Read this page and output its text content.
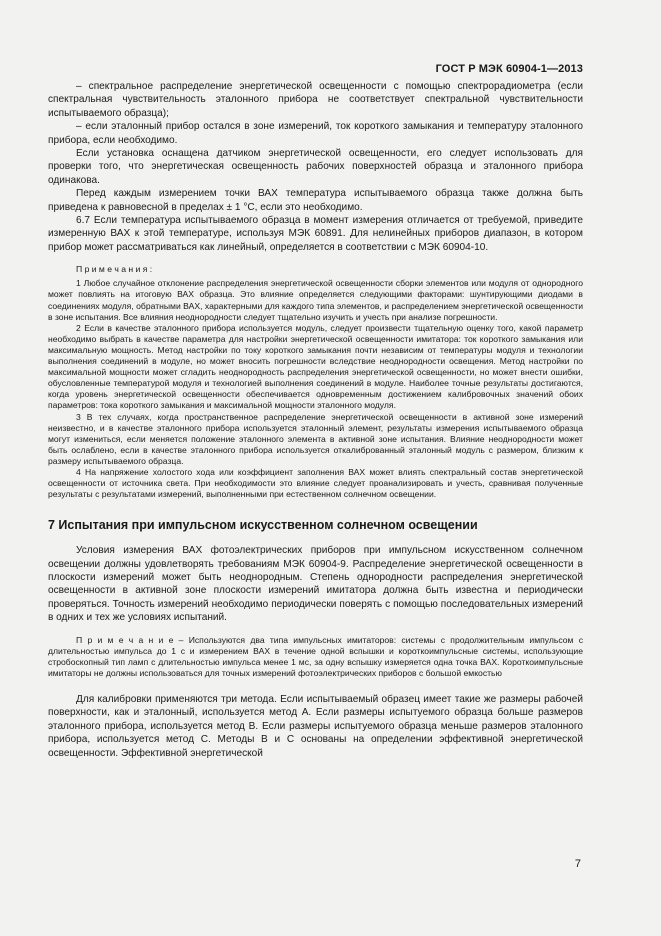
ГОСТ Р МЭК 60904-1—2013

– спектральное распределение энергетической освещенности с помощью спектрорадиометра (если спектральная чувствительность эталонного прибора не соответствует спектральной чувствительности испытываемого образца);

– если эталонный прибор остался в зоне измерений, ток короткого замыкания и температуру эталонного прибора, если необходимо.

Если установка оснащена датчиком энергетической освещенности, его следует использовать для проверки того, что энергетическая освещенность рабочих поверхностей образца и эталонного прибора одинакова.

Перед каждым измерением точки ВАХ температура испытываемого образца также должна быть приведена к равновесной в пределах ± 1 °С, если это необходимо.

6.7 Если температура испытываемого образца в момент измерения отличается от требуемой, приведите измеренную ВАХ к этой температуре, используя МЭК 60891. Для нелинейных приборов диапазон, в котором прибор может рассматриваться как линейный, определяется в соответствии с МЭК 60904-10.

П р и м е ч а н и я :

1 Любое случайное отклонение распределения энергетической освещенности сборки элементов или модуля от однородного может повлиять на итоговую ВАХ образца. Это влияние определяется следующими факторами: шунтирующими диодами в соединениях модуля, обратными ВАХ, характерными для каждого типа элементов, и распределением энергетической освещенности в зоне испытания. Все влияния неоднородности следует тщательно изучить и учесть при анализе погрешности.

2 Если в качестве эталонного прибора используется модуль, следует произвести тщательную оценку того, какой параметр необходимо выбрать в качестве параметра для настройки энергетической освещенности имитатора: ток короткого замыкания или максимальную мощность. Метод настройки по току короткого замыкания почти независим от температуры модуля и технологии выполнения соединений в модуле, но может вносить погрешности вследствие неоднородности освещения. Метод настройки по максимальной мощности может сгладить неоднородность распределения энергетической освещенности, но может внести ошибки, обусловленные температурой модуля и технологией выполнения соединений в модуле. Наиболее точные результаты достигаются, когда уровень энергетической освещенности обеспечивается одновременным достижением калибровочных значений обоих параметров: тока короткого замыкания и максимальной мощности эталонного модуля.

3 В тех случаях, когда пространственное распределение энергетической освещенности в активной зоне измерений неизвестно, и в качестве эталонного прибора используется эталонный элемент, результаты измерения испытываемого образца могут измениться, если меняется положение эталонного элемента в активной зоне испытания. Влияние неоднородности может быть ослаблено, если в качестве эталонного прибора используется откалиброванный эталонный модуль с размером, близким к размеру испытываемого образца.

4 На напряжение холостого хода или коэффициент заполнения ВАХ может влиять спектральный состав энергетической освещенности от источника света. При необходимости это влияние следует проанализировать и учесть, сравнивая полученные результаты с результатами измерений, выполненными при естественном солнечном освещении.

7 Испытания при импульсном искусственном солнечном освещении

Условия измерения ВАХ фотоэлектрических приборов при импульсном искусственном солнечном освещении должны удовлетворять требованиям МЭК 60904-9. Распределение энергетической освещенности в плоскости измерений может быть неоднородным. Степень однородности распределения энергетической освещенности в активной зоне плоскости измерений имитатора должна быть известна и периодически проверяться. Точность измерений необходимо периодически поверять с помощью последовательных измерений в одних и тех же условиях испытаний.

П р и м е ч а н и е – Используются два типа импульсных имитаторов: системы с продолжительным импульсом с длительностью импульса до 1 с и измерением ВАХ в течение одной вспышки и короткоимпульсные системы, использующие стробоскопный тип ламп с длительностью импульса менее 1 мс, за одну вспышку измеряется одна точка ВАХ. Короткоимпульсные имитаторы не должны использоваться для точных измерений фотоэлектрических приборов с большой емкостью

Для калибровки применяются три метода. Если испытываемый образец имеет такие же размеры рабочей поверхности, как и эталонный, используется метод А. Если размеры испытуемого образца больше размеров эталонного прибора, используется метод В. Если размеры испытуемого образца меньше размеров эталонного прибора, используется метод С. Методы В и С основаны на определении эффективной энергетической освещенности. Эффективной энергетической

7
